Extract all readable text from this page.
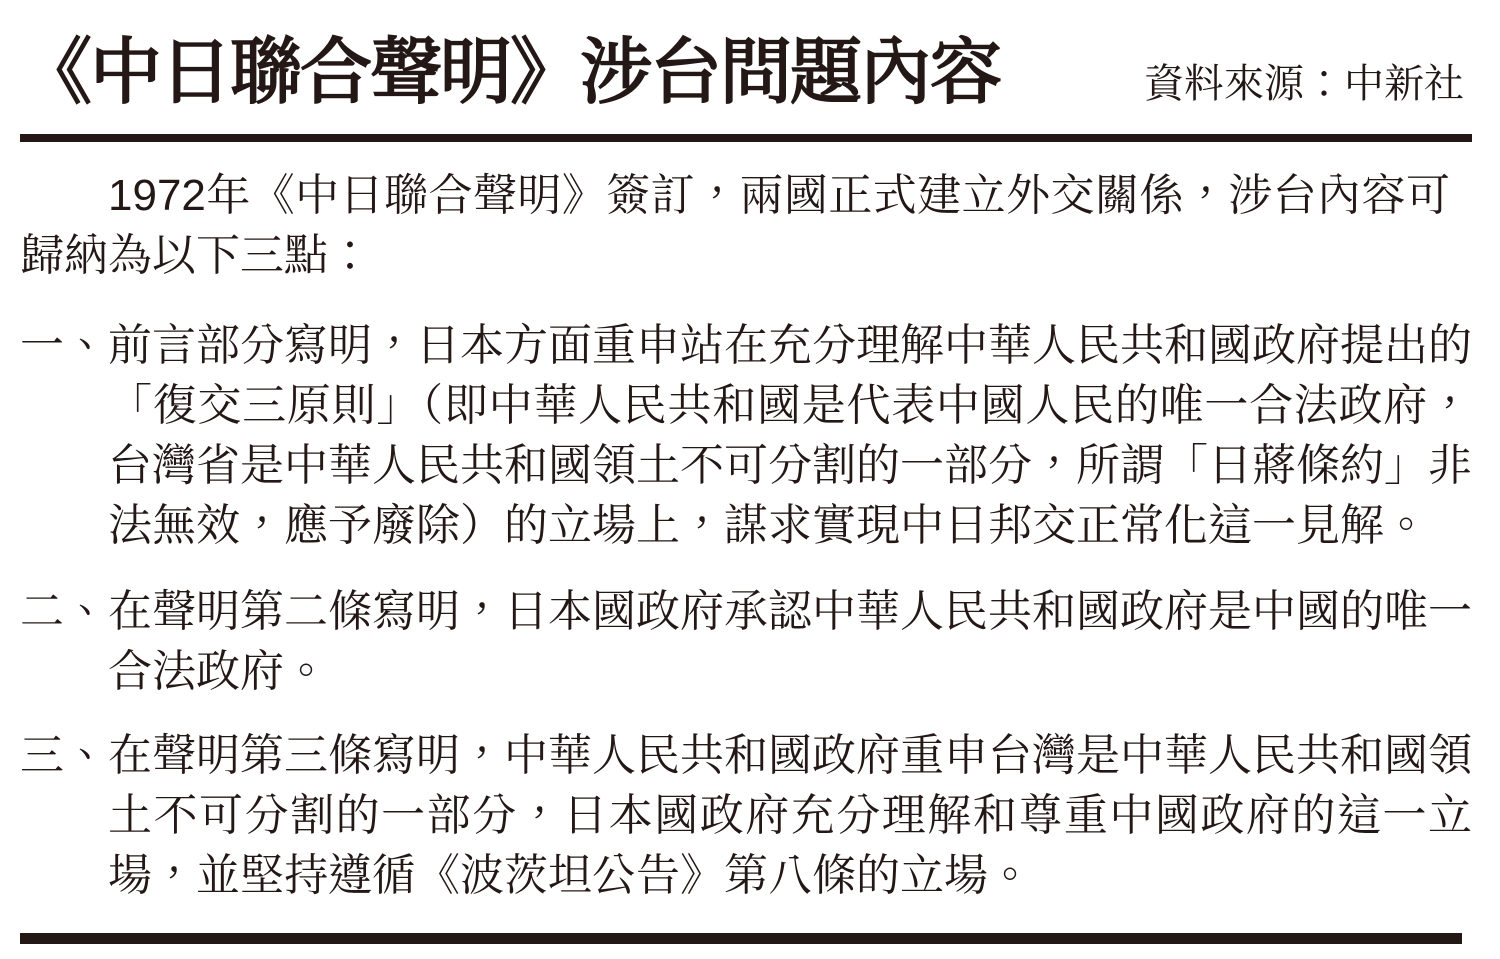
《中日聯合聲明》涉台問題內容	資料來源：中新社

1972年《中日聯合聲明》簽訂，兩國正式建立外交關係，涉台內容可歸納為以下三點：

一、 前言部分寫明，日本方面重申站在充分理解中華人民共和國政府提出的「復交三原則」（即中華人民共和國是代表中國人民的唯一合法政府，台灣省是中華人民共和國領土不可分割的一部分，所謂「日蔣條約」非法無效，應予廢除）的立場上，謀求實現中日邦交正常化這一見解。
二、 在聲明第二條寫明，日本國政府承認中華人民共和國政府是中國的唯一合法政府。
三、 在聲明第三條寫明，中華人民共和國政府重申台灣是中華人民共和國領土不可分割的一部分，日本國政府充分理解和尊重中國政府的這一立場，並堅持遵循《波茨坦公告》第八條的立場。
